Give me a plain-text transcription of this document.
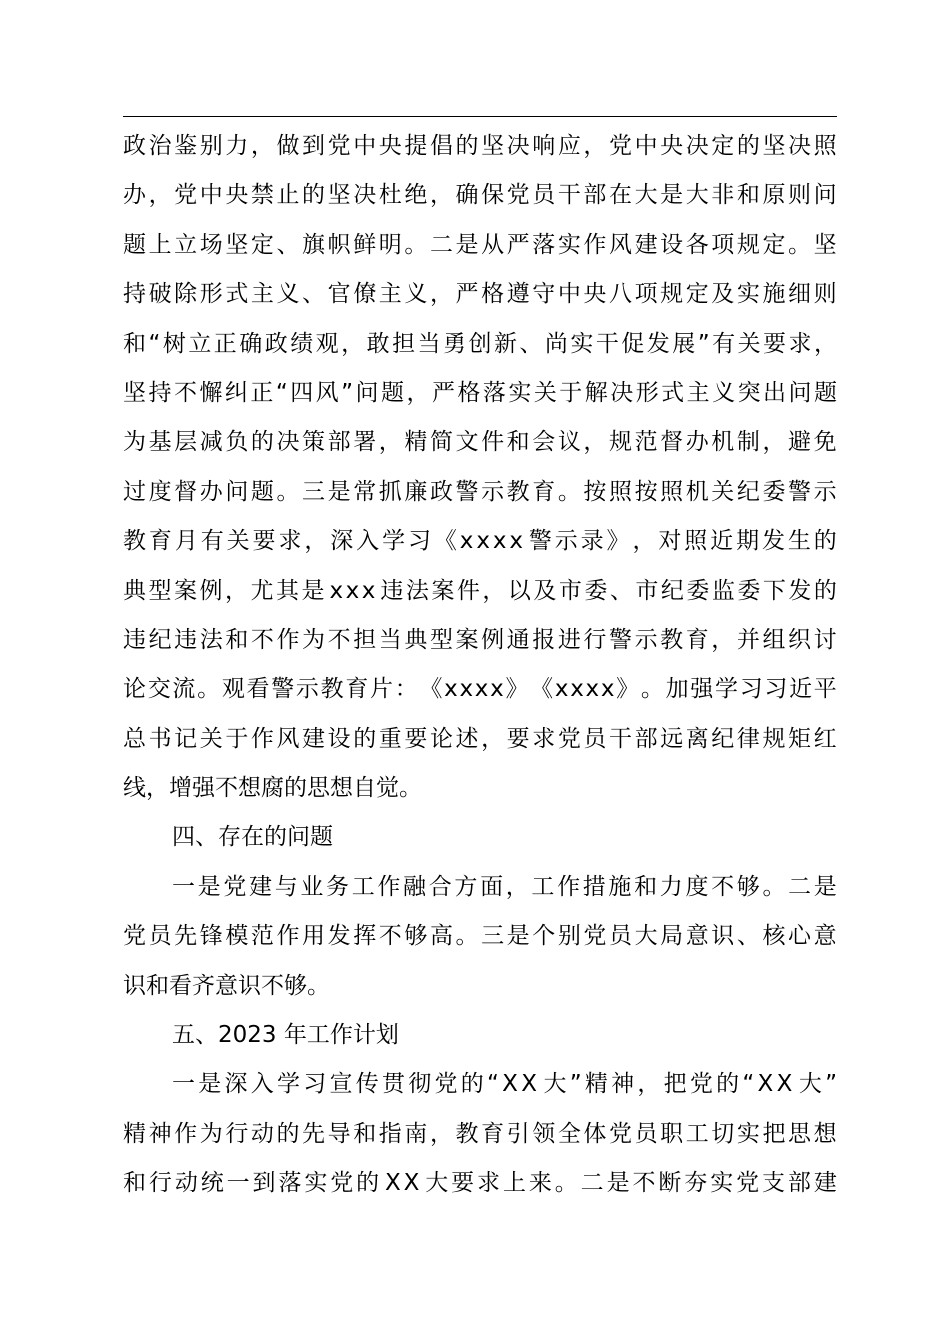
政 治 鉴 别 力 ， 做 到 党 中 央 提 倡 的 坚 决 响 应 ， 党 中 央 决 定 的 坚 决 照
办 ， 党 中 央 禁 止 的 坚 决 杜 绝 ， 确 保 党 员 干 部 在 大 是 大 非 和 原 则 问
题 上 立 场 坚 定 、 旗 帜 鲜 明 。 二 是 从 严 落 实 作 风 建 设 各 项 规 定 。 坚
持 破 除 形 式 主 义 、 官 僚 主 义 ， 严 格 遵 守 中 央 八 项 规 定 及 实 施 细 则
和 “ 树 立 正 确 政 绩 观 ， 敢 担 当 勇 创 新 、 尚 实 干 促 发 展 ” 有 关 要 求 ，
坚 持 不 懈 纠 正 “ 四 风 ” 问 题 ， 严 格 落 实 关 于 解 决 形 式 主 义 突 出 问 题
为 基 层 减 负 的 决 策 部 署 ， 精 简 文 件 和 会 议 ， 规 范 督 办 机 制 ， 避 免
过 度 督 办 问 题 。 三 是 常 抓 廉 政 警 示 教 育 。 按 照 按 照 机 关 纪 委 警 示
教 育 月 有 关 要 求 ， 深 入 学 习 《 x x x x 警 示 录 》 ， 对 照 近 期 发 生 的
典 型 案 例 ， 尤 其 是 x x x 违 法 案 件 ， 以 及 市 委 、 市 纪 委 监 委 下 发 的
违 纪 违 法 和 不 作 为 不 担 当 典 型 案 例 通 报 进 行 警 示 教 育 ， 并 组 织 讨
论 交 流 。 观 看 警 示 教 育 片 ： 《 x x x x 》 《 x x x x 》 。 加 强 学 习 习 近 平
总 书 记 关 于 作 风 建 设 的 重 要 论 述 ， 要 求 党 员 干 部 远 离 纪 律 规 矩 红
线，增强不想腐的思想自觉。
四、存在的问题
一 是 党 建 与 业 务 工 作 融 合 方 面 ， 工 作 措 施 和 力 度 不 够 。 二 是
党 员 先 锋 模 范 作 用 发 挥 不 够 高 。 三 是 个 别 党 员 大 局 意 识 、 核 心 意
识和看齐意识不够。
五、2023 年工作计划
一 是 深 入 学 习 宣 传 贯 彻 党 的 “ X X 大 ” 精 神 ， 把 党 的 “ X X 大 ”
精 神 作 为 行 动 的 先 导 和 指 南 ， 教 育 引 领 全 体 党 员 职 工 切 实 把 思 想
和 行 动 统 一 到 落 实 党 的 X X 大 要 求 上 来 。 二 是 不 断 夯 实 党 支 部 建
